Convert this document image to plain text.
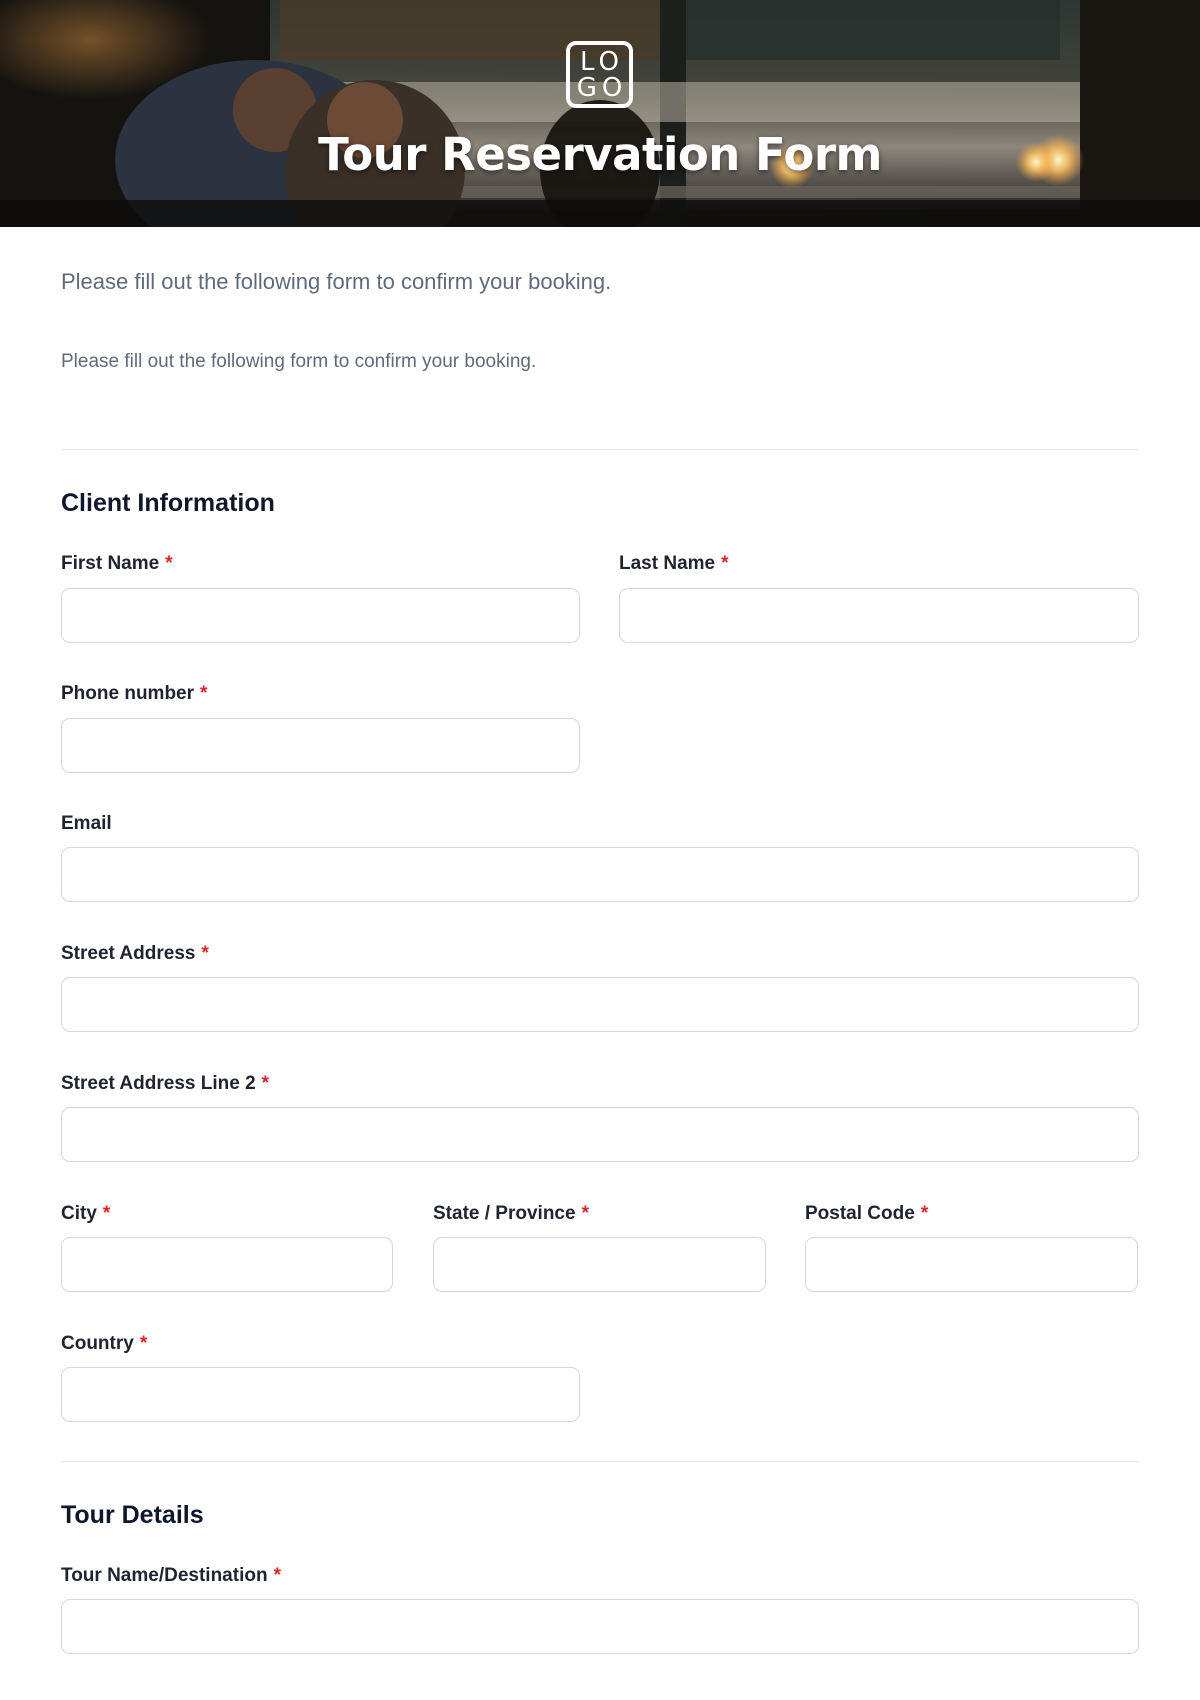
LO
GO
Tour Reservation Form
Please fill out the following form to confirm your booking.
Please fill out the following form to confirm your booking.
Client Information
First Name *	Last Name *
Phone number *
Email
Street Address *
Street Address Line 2 *
City *	State / Province *	Postal Code *
Country *
Tour Details
Tour Name/Destination *
